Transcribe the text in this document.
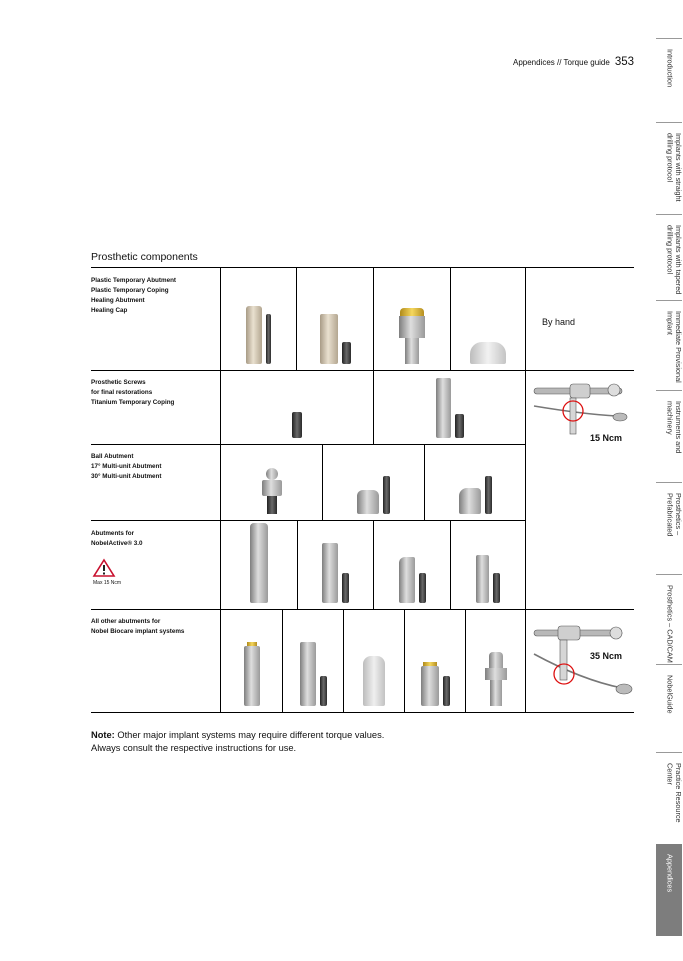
Appendices // Torque guide 353
Prosthetic components
Introduction
Implants with straight
drilling protocol
Implants with tapered
drilling protocol
Immediate Provisional
Implant
Instruments and machinery
Prosthetics – Prefabricated
Prosthetics – CAD/CAM
NobelGuide
Practice Resource Center
Appendices
Plastic Temporary Abutment
Plastic Temporary Coping
Healing Abutment
Healing Cap
Prosthetic Screws
for final restorations
Titanium Temporary Coping
Ball Abutment
17° Multi-unit Abutment
30° Multi-unit Abutment
Abutments for
NobelActive® 3.0
Max 15 Ncm
All other abutments for
Nobel Biocare implant systems
By hand
15 Ncm
35 Ncm
Note: Other major implant systems may require different torque values.
Always consult the respective instructions for use.
